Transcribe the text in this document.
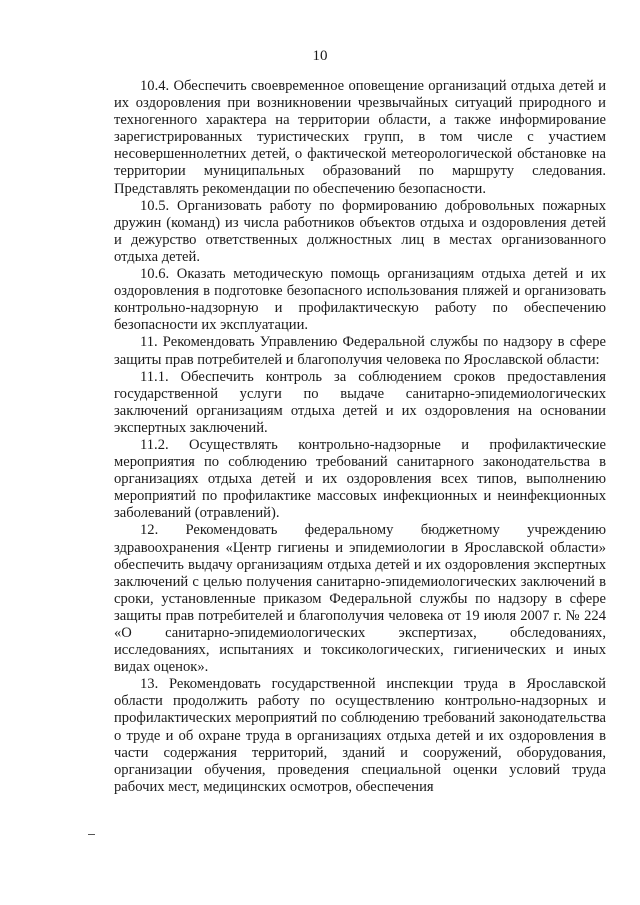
10

10.4. Обеспечить своевременное оповещение организаций отдыха детей и их оздоровления при возникновении чрезвычайных ситуаций природного и техногенного характера на территории области, а также информирование зарегистрированных туристических групп, в том числе с участием несовершеннолетних детей, о фактической метеорологической обстановке на территории муниципальных образований по маршруту следования. Представлять рекомендации по обеспечению безопасности.

10.5. Организовать работу по формированию добровольных пожарных дружин (команд) из числа работников объектов отдыха и оздоровления детей и дежурство ответственных должностных лиц в местах организованного отдыха детей.

10.6. Оказать методическую помощь организациям отдыха детей и их оздоровления в подготовке безопасного использования пляжей и организовать контрольно-надзорную и профилактическую работу по обеспечению безопасности их эксплуатации.

11. Рекомендовать Управлению Федеральной службы по надзору в сфере защиты прав потребителей и благополучия человека по Ярославской области:

11.1. Обеспечить контроль за соблюдением сроков предоставления государственной услуги по выдаче санитарно-эпидемиологических заключений организациям отдыха детей и их оздоровления на основании экспертных заключений.

11.2. Осуществлять контрольно-надзорные и профилактические мероприятия по соблюдению требований санитарного законодательства в организациях отдыха детей и их оздоровления всех типов, выполнению мероприятий по профилактике массовых инфекционных и неинфекционных заболеваний (отравлений).

12. Рекомендовать федеральному бюджетному учреждению здравоохранения «Центр гигиены и эпидемиологии в Ярославской области» обеспечить выдачу организациям отдыха детей и их оздоровления экспертных заключений с целью получения санитарно-эпидемиологических заключений в сроки, установленные приказом Федеральной службы по надзору в сфере защиты прав потребителей и благополучия человека от 19 июля 2007 г. № 224 «О санитарно-эпидемиологических экспертизах, обследованиях, исследованиях, испытаниях и токсикологических, гигиенических и иных видах оценок».

13. Рекомендовать государственной инспекции труда в Ярославской области продолжить работу по осуществлению контрольно-надзорных и профилактических мероприятий по соблюдению требований законодательства о труде и об охране труда в организациях отдыха детей и их оздоровления в части содержания территорий, зданий и сооружений, оборудования, организации обучения, проведения специальной оценки условий труда рабочих мест, медицинских осмотров, обеспечения
